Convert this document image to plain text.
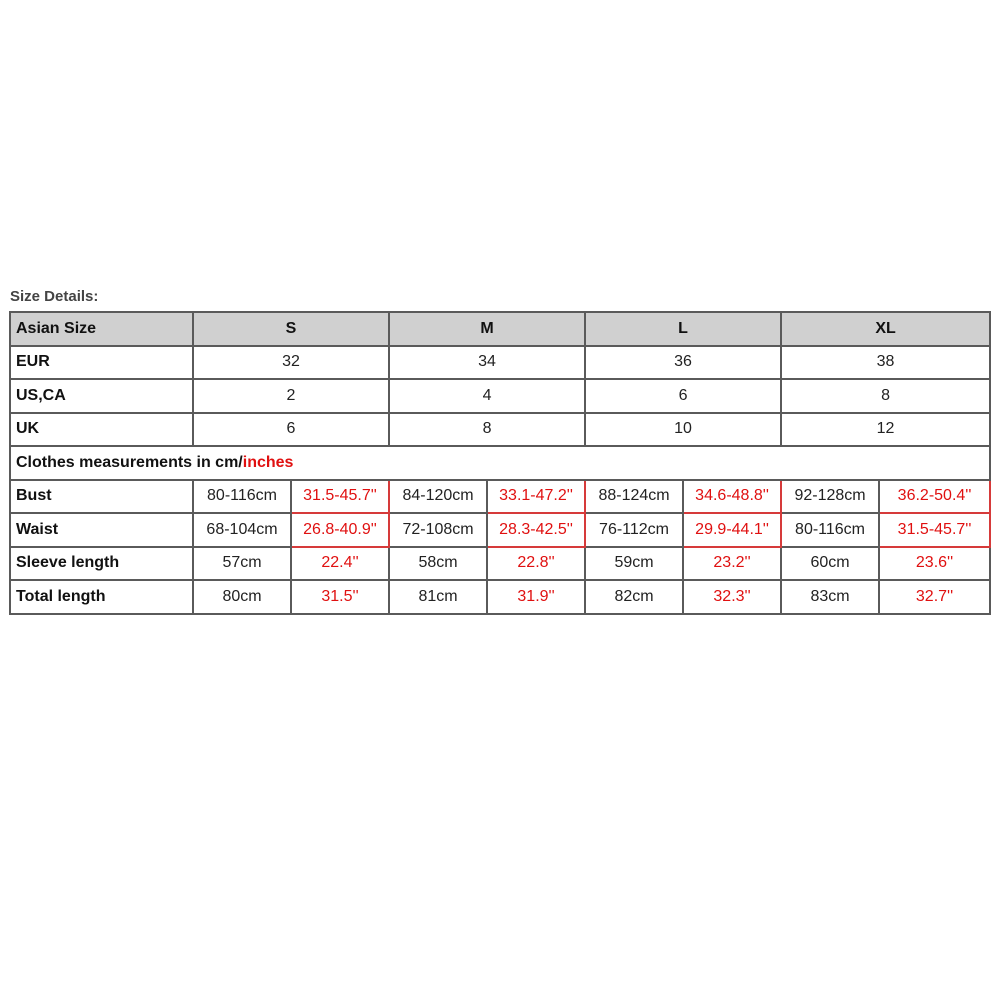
Size Details:
Asian Size	S		M		L		XL	
EUR	32		34		36		38	
US,CA	2		4		6		8	
UK	6		8		10		12	
Clothes measurements in cm/inches								
Bust	80-116cm	31.5-45.7''	84-120cm	33.1-47.2''	88-124cm	34.6-48.8''	92-128cm	36.2-50.4''
Waist	68-104cm	26.8-40.9''	72-108cm	28.3-42.5''	76-112cm	29.9-44.1''	80-116cm	31.5-45.7''
Sleeve length	57cm	22.4''	58cm	22.8''	59cm	23.2''	60cm	23.6''
Total length	80cm	31.5''	81cm	31.9''	82cm	32.3''	83cm	32.7''
